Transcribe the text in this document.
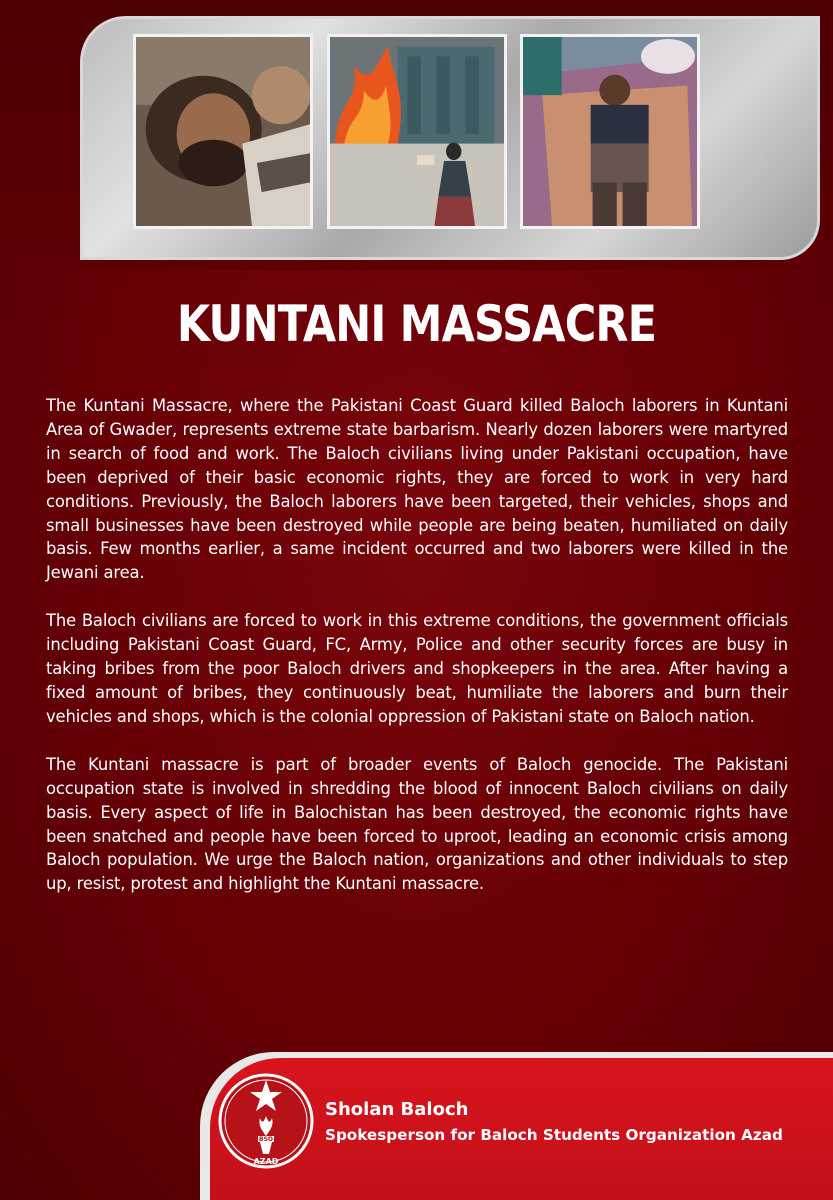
KUNTANI MASSACRE

The Kuntani Massacre, where the Pakistani Coast Guard killed Baloch laborers in Kuntani Area of Gwader, represents extreme state barbarism. Nearly dozen laborers were martyred in search of food and work. The Baloch civilians living under Pakistani occupation, have been deprived of their basic economic rights, they are forced to work in very hard conditions. Previously, the Baloch laborers have been targeted, their vehicles, shops and small businesses have been destroyed while people are being beaten, humiliated on daily basis. Few months earlier, a same incident occurred and two laborers were killed in the Jewani area.

The Baloch civilians are forced to work in this extreme conditions, the government officials including Pakistani Coast Guard, FC, Army, Police and other security forces are busy in taking bribes from the poor Baloch drivers and shopkeepers in the area. After having a fixed amount of bribes, they continuously beat, humiliate the laborers and burn their vehicles and shops, which is the colonial oppression of Pakistani state on Baloch nation.

The Kuntani massacre is part of broader events of Baloch genocide. The Pakistani occupation state is involved in shredding the blood of innocent Baloch civilians on daily basis. Every aspect of life in Balochistan has been destroyed, the economic rights have been snatched and people have been forced to uproot, leading an economic crisis among Baloch population. We urge the Baloch nation, organizations and other individuals to step up, resist, protest and highlight the Kuntani massacre.

BSO
AZAD
Sholan Baloch
Spokesperson for Baloch Students Organization Azad
